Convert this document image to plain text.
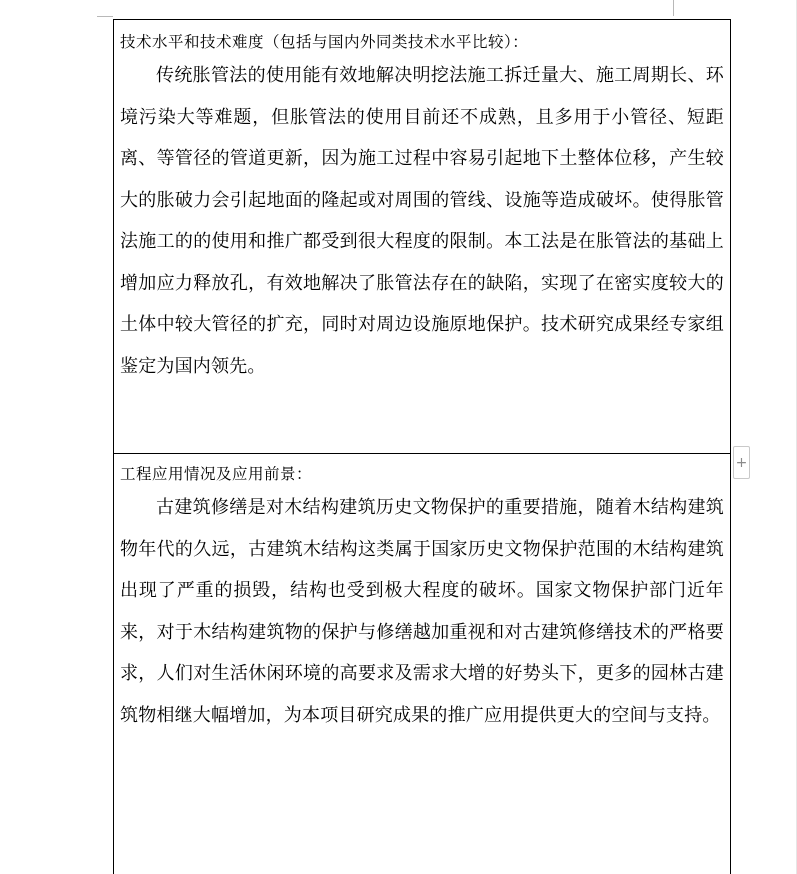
技术水平和技术难度（包括与国内外同类技术水平比较）：
传统胀管法的使用能有效地解决明挖法施工拆迁量大、施工周期长、环境污染大等难题，但胀管法的使用目前还不成熟，且多用于小管径、短距离、等管径的管道更新，因为施工过程中容易引起地下土整体位移，产生较大的胀破力会引起地面的隆起或对周围的管线、设施等造成破坏。使得胀管法施工的的使用和推广都受到很大程度的限制。本工法是在胀管法的基础上增加应力释放孔，有效地解决了胀管法存在的缺陷，实现了在密实度较大的土体中较大管径的扩充，同时对周边设施原地保护。技术研究成果经专家组鉴定为国内领先。
工程应用情况及应用前景：
古建筑修缮是对木结构建筑历史文物保护的重要措施，随着木结构建筑物年代的久远，古建筑木结构这类属于国家历史文物保护范围的木结构建筑出现了严重的损毁，结构也受到极大程度的破坏。国家文物保护部门近年来，对于木结构建筑物的保护与修缮越加重视和对古建筑修缮技术的严格要求，人们对生活休闲环境的高要求及需求大增的好势头下，更多的园林古建筑物相继大幅增加，为本项目研究成果的推广应用提供更大的空间与支持。
+
